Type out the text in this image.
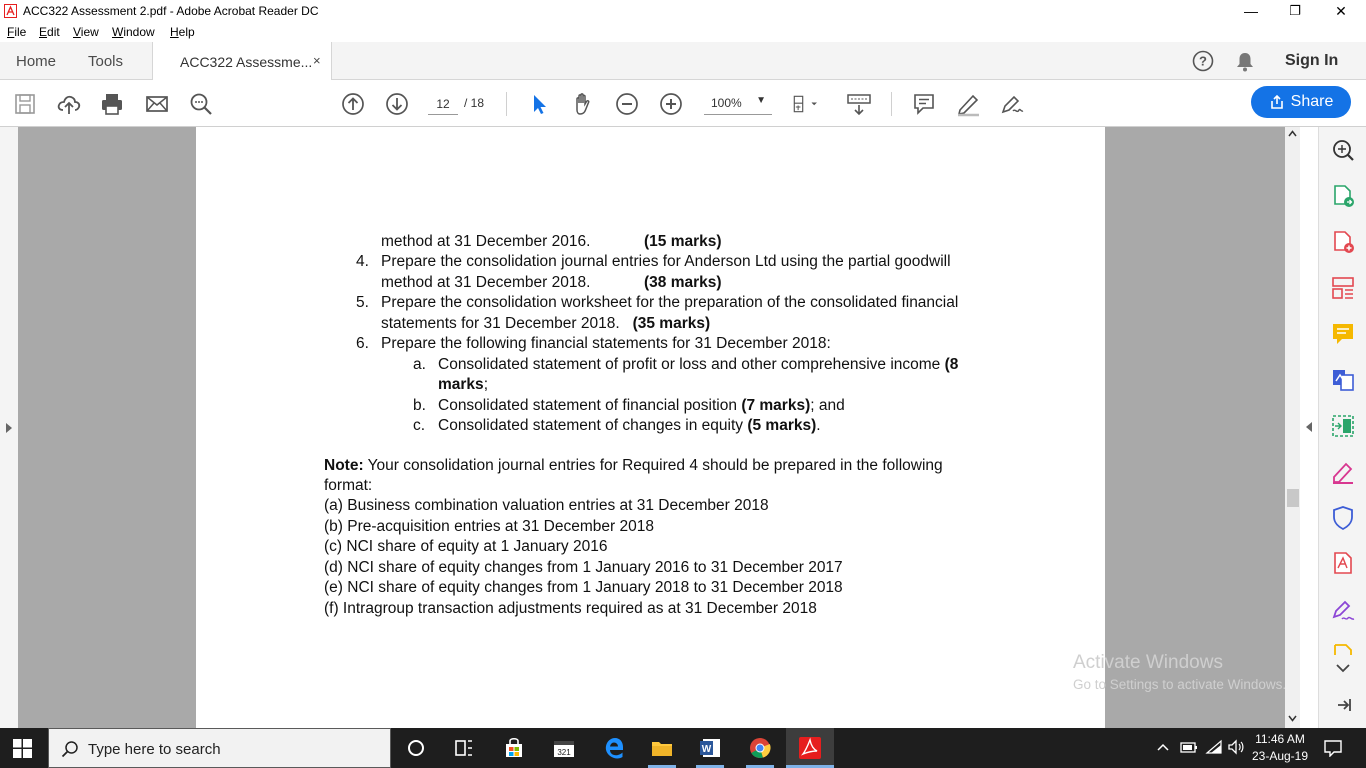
ACC322 Assessment 2.pdf - Adobe Acrobat Reader DC	—	❐	✕
File Edit View Window Help
Home Tools	ACC322 Assessme... ×	?	Sign In
12
/ 18	100% ▼	Share
method at 31 December 2016.	(15 marks)
4. Prepare the consolidation journal entries for Anderson Ltd using the partial goodwill
method at 31 December 2018.	(38 marks)
5. Prepare the consolidation worksheet for the preparation of the consolidated financial
statements for 31 December 2018. (35 marks)
6. Prepare the following financial statements for 31 December 2018:
a. Consolidated statement of profit or loss and other comprehensive income (8
marks;
b. Consolidated statement of financial position (7 marks); and
c. Consolidated statement of changes in equity (5 marks).
Note: Your consolidation journal entries for Required 4 should be prepared in the following
format:
(a) Business combination valuation entries at 31 December 2018
(b) Pre-acquisition entries at 31 December 2018
(c) NCI share of equity at 1 January 2016
(d) NCI share of equity changes from 1 January 2016 to 31 December 2017
(e) NCI share of equity changes from 1 January 2018 to 31 December 2018
(f) Intragroup transaction adjustments required as at 31 December 2018
Activate Windows
Go to Settings to activate Windows.
Type here to search	321	W
11:46 AM
23-Aug-19
